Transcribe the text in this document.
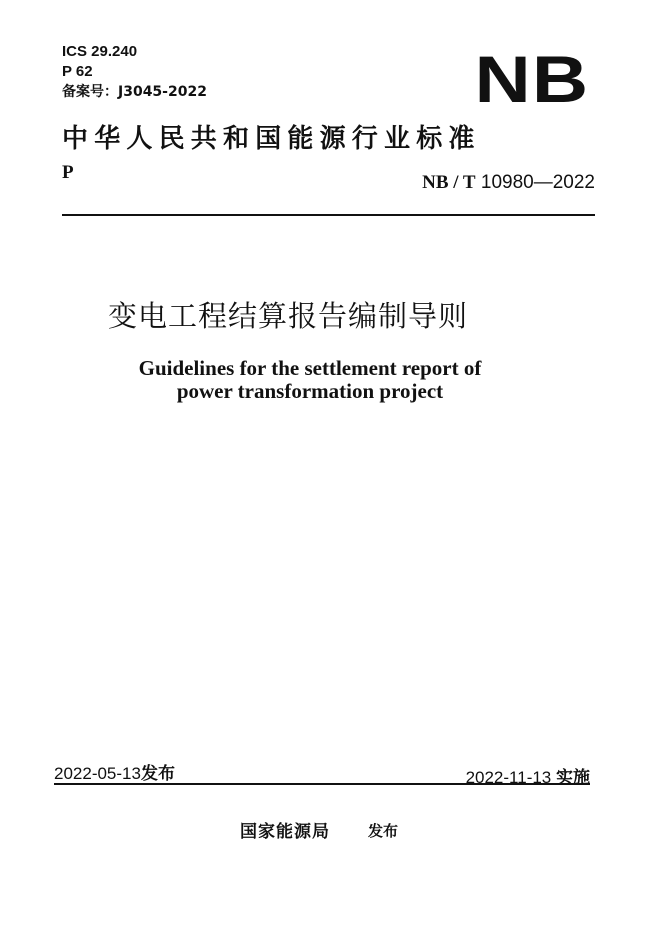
ICS 29.240
P 62
备案号：J3045-2022	NB
中华人民共和国能源行业标准
P	NB / T 10980—2022
变电工程结算报告编制导则
Guidelines for the settlement report of
power transformation project
2022-05-13发布	2022-11-13 实施
国家能源局	发布
